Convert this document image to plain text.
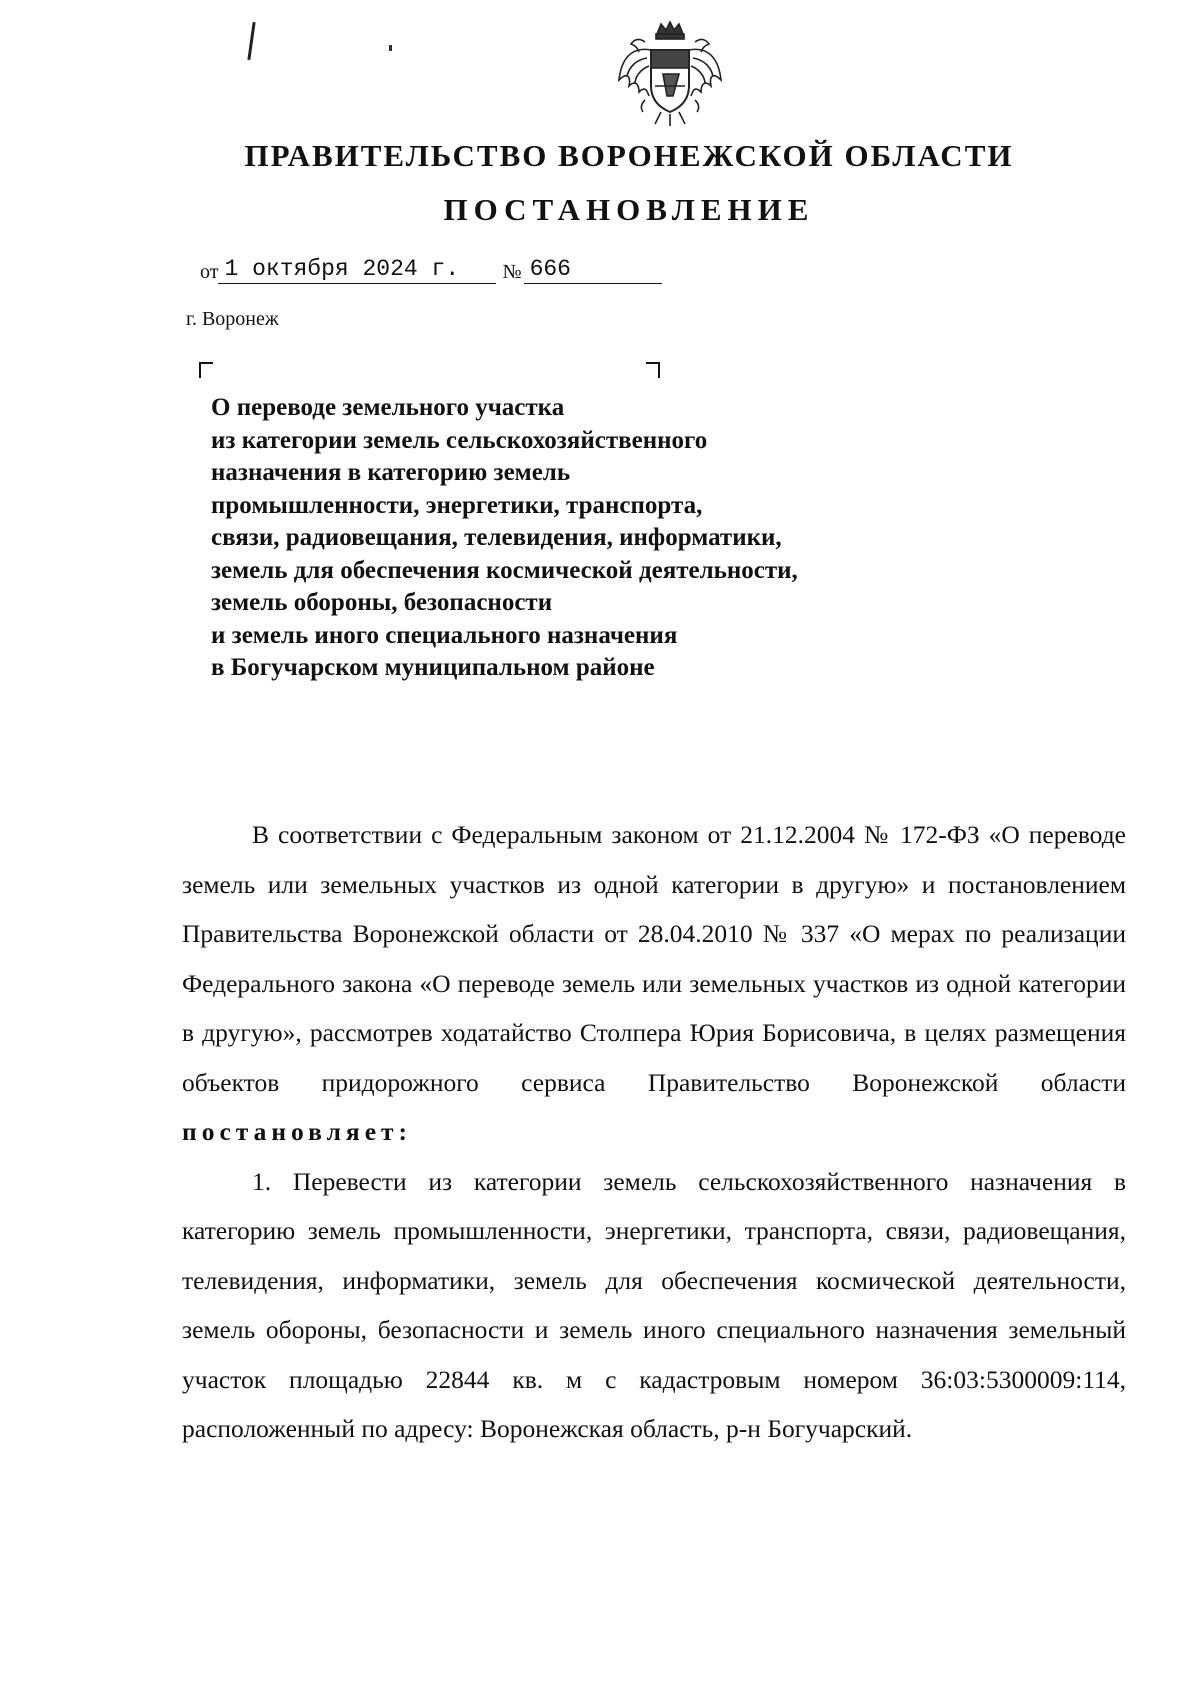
ПРАВИТЕЛЬСТВО ВОРОНЕЖСКОЙ ОБЛАСТИ
ПОСТАНОВЛЕНИЕ
от 1 октября 2024 г. № 666
г. Воронеж
О переводе земельного участка
из категории земель сельскохозяйственного
назначения в категорию земель
промышленности, энергетики, транспорта,
связи, радиовещания, телевидения, информатики,
земель для обеспечения космической деятельности,
земель обороны, безопасности
и земель иного специального назначения
в Богучарском муниципальном районе

В соответствии с Федеральным законом от 21.12.2004 № 172-ФЗ «О переводе земель или земельных участков из одной категории в другую» и постановлением Правительства Воронежской области от 28.04.2010 № 337 «О мерах по реализации Федерального закона «О переводе земель или земельных участков из одной категории в другую», рассмотрев ходатайство Столпера Юрия Борисовича, в целях размещения объектов придорожного сервиса Правительство Воронежской области постановляет:

1. Перевести из категории земель сельскохозяйственного назначения в категорию земель промышленности, энергетики, транспорта, связи, радиовещания, телевидения, информатики, земель для обеспечения космической деятельности, земель обороны, безопасности и земель иного специального назначения земельный участок площадью 22844 кв. м с кадастровым номером 36:03:5300009:114, расположенный по адресу: Воронежская область, р-н Богучарский.
